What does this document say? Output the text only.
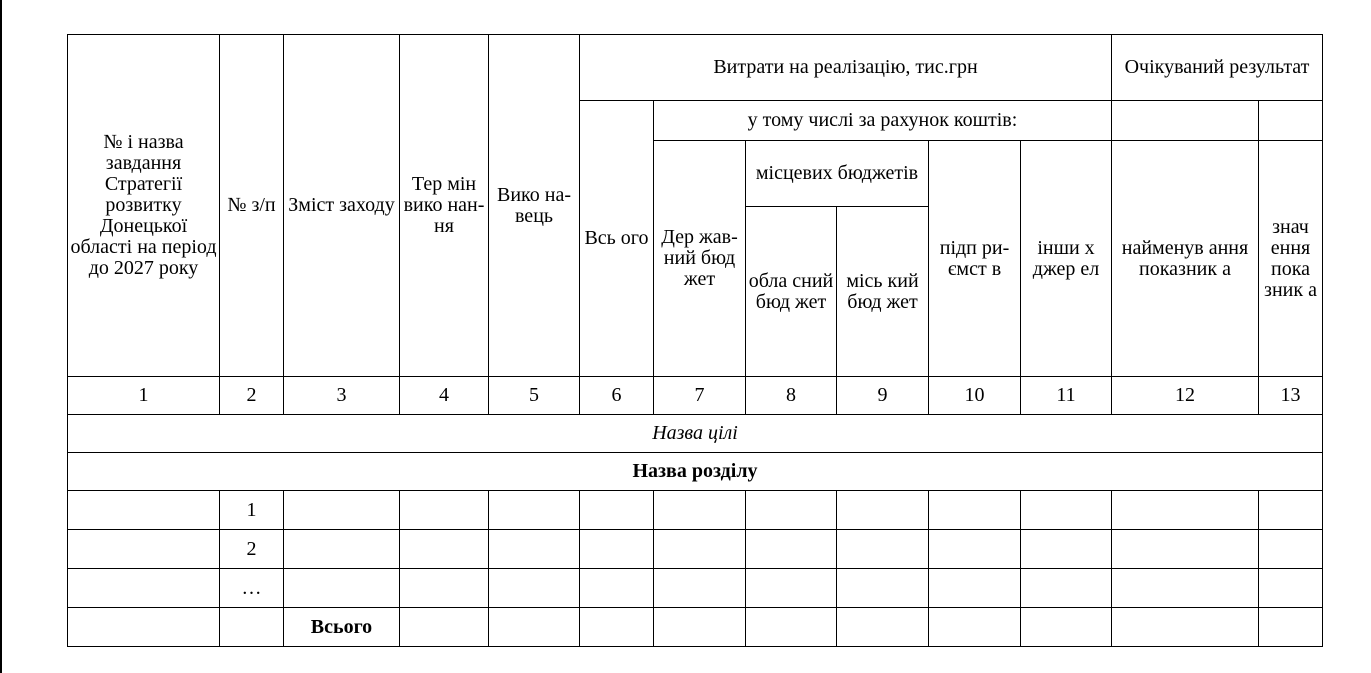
№ і назва завдання Стратегії розвитку Донецької області на період до 2027 року	№ з/п	Зміст заходу	Тер мін вико нан- ня	Вико на- вець	Витрати на реалізацію, тис.грн						Очікуваний результат	
					Всь ого	у тому числі за рахунок коштів:						
						Дер жав- ний бюд жет	місцевих бюджетів		підп ри- ємст в	інши х джер ел	найменув ання показник а	знач ення пока зник а
							обла сний бюд жет	міcь кий бюд жет				
1	2	3	4	5	6	7	8	9	10	11	12	13
Назва цілі												
Назва розділу												
	1											
	2											
	…											
		Всього										
